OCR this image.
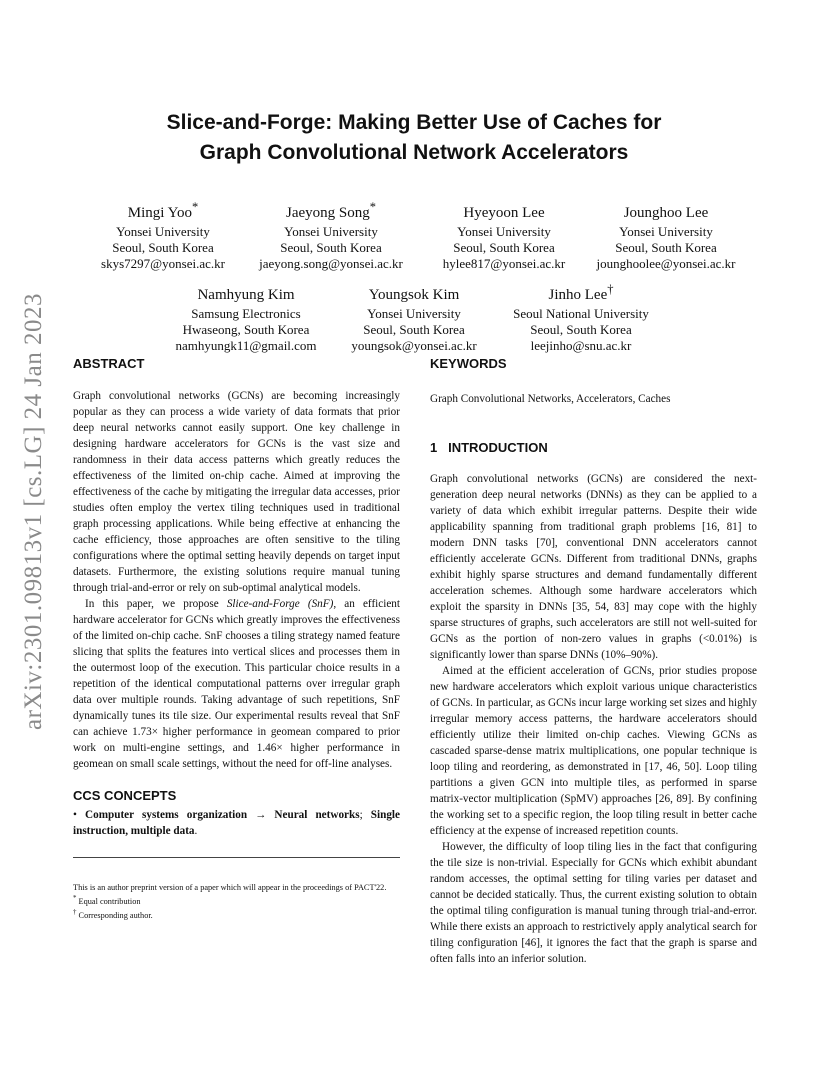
arXiv:2301.09813v1 [cs.LG] 24 Jan 2023
Slice-and-Forge: Making Better Use of Caches for
Graph Convolutional Network Accelerators
Mingi Yoo*
Yonsei University
Seoul, South Korea
skys7297@yonsei.ac.kr
Jaeyong Song*
Yonsei University
Seoul, South Korea
jaeyong.song@yonsei.ac.kr
Hyeyoon Lee
Yonsei University
Seoul, South Korea
hylee817@yonsei.ac.kr
Jounghoo Lee
Yonsei University
Seoul, South Korea
jounghoolee@yonsei.ac.kr
Namhyung Kim
Samsung Electronics
Hwaseong, South Korea
namhyungk11@gmail.com
Youngsok Kim
Yonsei University
Seoul, South Korea
youngsok@yonsei.ac.kr
Jinho Lee†
Seoul National University
Seoul, South Korea
leejinho@snu.ac.kr
ABSTRACT

Graph convolutional networks (GCNs) are becoming increasingly popular as they can process a wide variety of data formats that prior deep neural networks cannot easily support. One key challenge in designing hardware accelerators for GCNs is the vast size and randomness in their data access patterns which greatly reduces the effectiveness of the limited on-chip cache. Aimed at improving the effectiveness of the cache by mitigating the irregular data accesses, prior studies often employ the vertex tiling techniques used in traditional graph processing applications. While being effective at enhancing the cache efficiency, those approaches are often sensitive to the tiling configurations where the optimal setting heavily depends on target input datasets. Furthermore, the existing solutions require manual tuning through trial-and-error or rely on sub-optimal analytical models.

In this paper, we propose Slice-and-Forge (SnF), an efficient hardware accelerator for GCNs which greatly improves the effectiveness of the limited on-chip cache. SnF chooses a tiling strategy named feature slicing that splits the features into vertical slices and processes them in the outermost loop of the execution. This particular choice results in a repetition of the identical computational patterns over irregular graph data over multiple rounds. Taking advantage of such repetitions, SnF dynamically tunes its tile size. Our experimental results reveal that SnF can achieve 1.73× higher performance in geomean compared to prior work on multi-engine settings, and 1.46× higher performance in geomean on small scale settings, without the need for off-line analyses.

CCS CONCEPTS

• Computer systems organization → Neural networks; Single instruction, multiple data.

This is an author preprint version of a paper which will appear in the proceedings of PACT'22.
* Equal contribution
† Corresponding author.
KEYWORDS
Graph Convolutional Networks, Accelerators, Caches
1 INTRODUCTION

Graph convolutional networks (GCNs) are considered the next-generation deep neural networks (DNNs) as they can be applied to a variety of data which exhibit irregular patterns. Despite their wide applicability spanning from traditional graph problems [16, 81] to modern DNN tasks [70], conventional DNN accelerators cannot efficiently accelerate GCNs. Different from traditional DNNs, graphs exhibit highly sparse structures and demand fundamentally different acceleration schemes. Although some hardware accelerators which exploit the sparsity in DNNs [35, 54, 83] may cope with the highly sparse structures of graphs, such accelerators are still not well-suited for GCNs as the portion of non-zero values in graphs (<0.01%) is significantly lower than sparse DNNs (10%–90%).

Aimed at the efficient acceleration of GCNs, prior studies propose new hardware accelerators which exploit various unique characteristics of GCNs. In particular, as GCNs incur large working set sizes and highly irregular memory access patterns, the hardware accelerators should efficiently utilize their limited on-chip caches. Viewing GCNs as cascaded sparse-dense matrix multiplications, one popular technique is loop tiling and reordering, as demonstrated in [17, 46, 50]. Loop tiling partitions a given GCN into multiple tiles, as performed in sparse matrix-vector multiplication (SpMV) approaches [26, 89]. By confining the working set to a specific region, the loop tiling result in better cache efficiency at the expense of increased repetition counts.

However, the difficulty of loop tiling lies in the fact that configuring the tile size is non-trivial. Especially for GCNs which exhibit abundant random accesses, the optimal setting for tiling varies per dataset and cannot be decided statically. Thus, the current existing solution to obtain the optimal tiling configuration is manual tuning through trial-and-error. While there exists an approach to restrictively apply analytical search for tiling configuration [46], it ignores the fact that the graph is sparse and often falls into an inferior solution.
